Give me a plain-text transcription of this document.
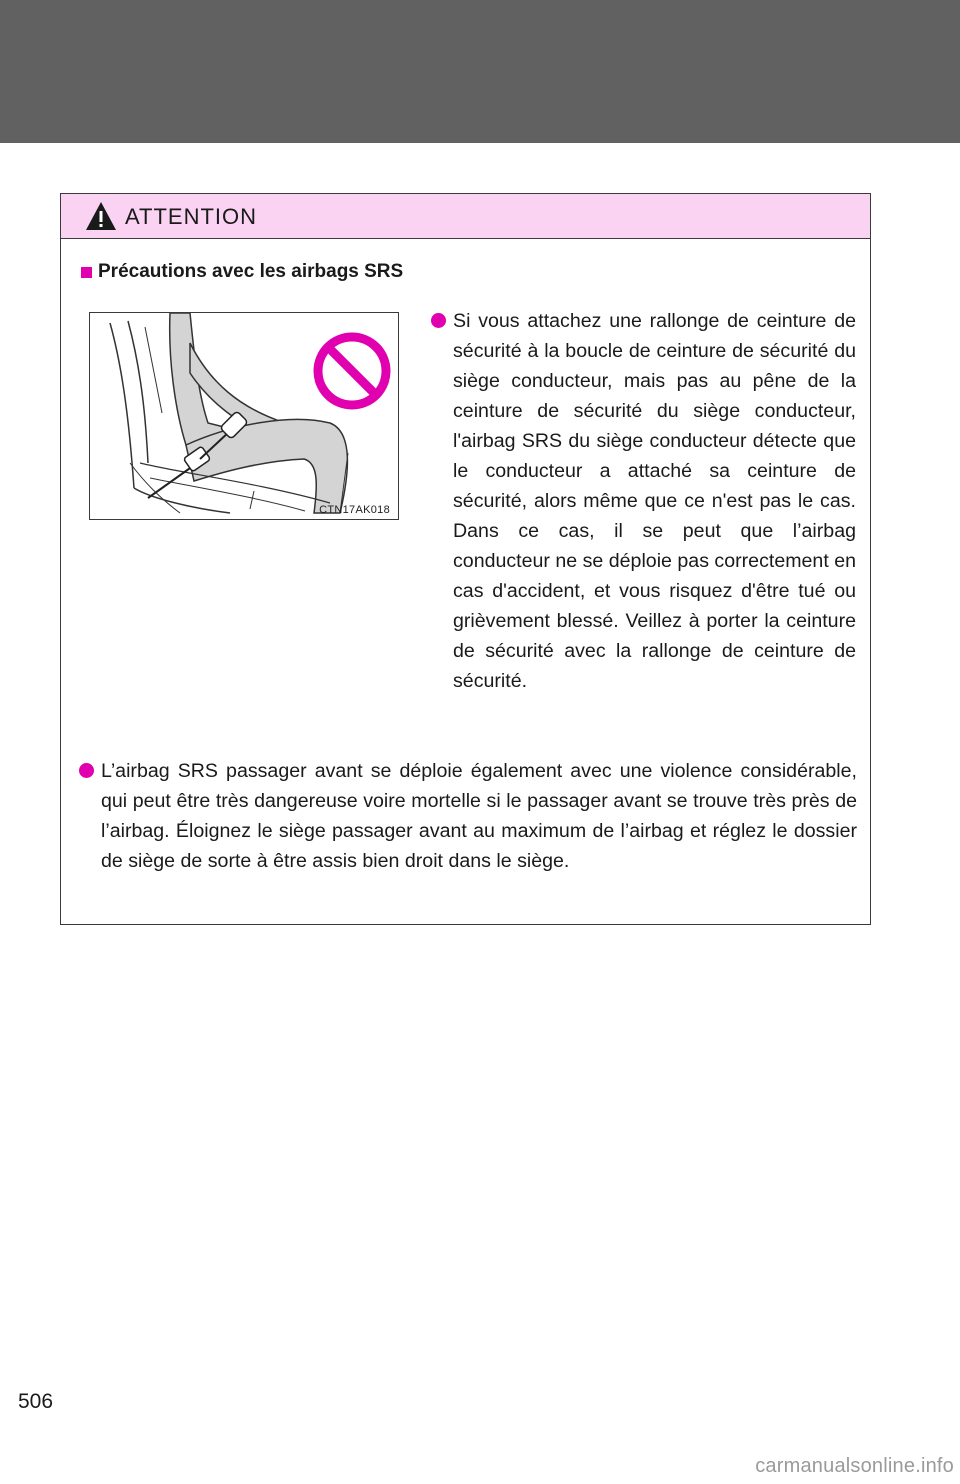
ATTENTION
Précautions avec les airbags SRS
CTN17AK018
Si vous attachez une rallonge de ceinture de sécurité à la boucle de ceinture de sécurité du siège conducteur, mais pas au pêne de la ceinture de sécurité du siège conducteur, l'airbag SRS du siège conducteur détecte que le conducteur a attaché sa ceinture de sécurité, alors même que ce n'est pas le cas. Dans ce cas, il se peut que l’airbag conducteur ne se déploie pas correctement en cas d'accident, et vous risquez d'être tué ou grièvement blessé. Veillez à porter la ceinture de sécurité avec la rallonge de ceinture de sécurité.
L’airbag SRS passager avant se déploie également avec une violence considérable, qui peut être très dangereuse voire mortelle si le passager avant se trouve très près de l’airbag. Éloignez le siège passager avant au maximum de l’airbag et réglez le dossier de siège de sorte à être assis bien droit dans le siège.
506
carmanualsonline.info
